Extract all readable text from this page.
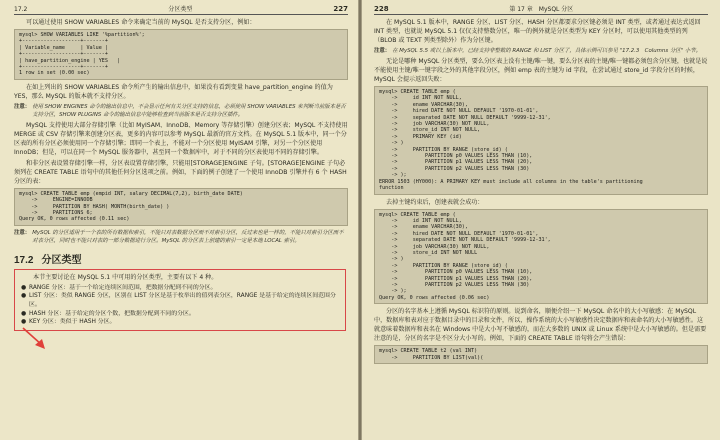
17.2	分区类型	227

可以通过使用 SHOW VARIABLES 命令来确定当前的 MySQL 是否支持分区，例如：

mysql> SHOW VARIABLES LIKE '%partition%';
+-------------------+-------+
| Variable_name     | Value |
+-------------------+-------+
| have_partition_engine | YES   |
+-------------------+-------+
1 row in set (0.00 sec)

在如上列出的 SHOW VARIABLES 命令所产生的输出信息中，如果没有看到变量 have_partition_engine 的值为 YES，那么 MySQL 的版本就不支持分区。

注意： 使用 SHOW ENGINES 命令的输出信息中，不会显示任何有关分区支持的信息，必须使用 SHOW VARIABLES 来判断当前版本是否支持分区，SHOW PLUGINS 命令的输出信息中能够检查到当前版本是否支持分区插件。

MySQL 支持使用大部分存储引擎（比如 MyISAM、InnoDB、Memory 等存储引擎）创建分区表；MySQL 不支持使用 MERGE 或 CSV 存储引擎来创建分区表，更多的内容可以参考 MySQL 最新的官方文档。在 MySQL 5.1 版本中，同一个分区表的所有分区必须使用同一个存储引擎；即同一个表上，不能对一个分区使用 MyISAM 引擎，对另一个分区使用 InnoDB；但是，可以在同一个 MySQL 服务器中，甚至同一个数据库中，对于不同的分区表使用不同的存储引擎。

和非分区表设置存储引擎一样，分区表设置存储引擎，只能用[STORAGE]ENGINE 子句。[STORAGE]ENGINE 子句必须列在 CREATE TABLE 语句中的其他任何分区选项之前。例如，下面的例子创建了一个使用 InnoDB 引擎并有 6 个 HASH 分区的表：

mysql> CREATE TABLE emp (empid INT, salary DECIMAL(7,2), birth_date DATE)
->     ENGINE=INNODB
->     PARTITION BY HASH( MONTH(birth_date) )
->     PARTITIONS 6;
Query OK, 0 rows affected (0.11 sec)
注意： MySQL 的分区适用于一个表的所有数据和索引，不能只对表数据分区而不对索引分区，反过来也是一样的，不能只对索引分区而不对表分区，同时也不能只对表的一部分数据进行分区。MySQL 的分区表上创建的索引一定是本地 LOCAL 索引。
17.2 分区类型

本节主要讨论在 MySQL 5.1 中可用的分区类型，主要有以下 4 种。

● RANGE 分区：基于一个给定连续区间范围，把数据分配到不同的分区。
● LIST 分区：类似 RANGE 分区，区别在 LIST 分区是基于枚举出的值列表分区，RANGE 是基于给定的连续区间范围分区。
● HASH 分区：基于给定的分区个数，把数据分配到不同的分区。
● KEY 分区：类似于 HASH 分区。
228	第 17 章　MySQL 分区

在 MySQL 5.1 版本中，RANGE 分区、LIST 分区、HASH 分区都要求分区键必须是 INT 类型，或者通过表达式返回 INT 类型，也就说 MySQL 5.1 仅仅支持整数分区，唯一的例外就是分区类型为 KEY 分区时，可以使用其他类型的列（BLOB 或 TEXT 列类型除外）作为分区键。

注意： 在 MySQL 5.5 或以上版本中，已经支持非整数的 RANGE 和 LIST 分区了，具体示例可以参见 "17.2.3　Columns 分区" 小节。

无论是哪种 MySQL 分区类型，要么分区表上没有主键/唯一键，要么分区表的主键/唯一键都必须包含分区键，也就是说不能使用主键/唯一键字段之外的其他字段分区，例如 emp 表的主键为 id 字段，在尝试通过 store_id 字段分区的时候，MySQL 会提示返回失败：

mysql> CREATE TABLE emp (
->     id INT NOT NULL,
->     ename VARCHAR(30),
->     hired DATE NOT NULL DEFAULT '1970-01-01',
->     separated DATE NOT NULL DEFAULT '9999-12-31',
->     job VARCHAR(30) NOT NULL,
->     store_id INT NOT NULL,
->     PRIMARY KEY (id)
-> )
->     PARTITION BY RANGE (store_id) (
->         PARTITION p0 VALUES LESS THAN (10),
->         PARTITION p1 VALUES LESS THAN (20),
->         PARTITION p2 VALUES LESS THAN (30)
-> );
ERROR 1503 (HY000): A PRIMARY KEY must include all columns in the table's partitioning
function

去掉主键约束后，创建表就会成功：

mysql> CREATE TABLE emp (
->     id INT NOT NULL,
->     ename VARCHAR(30),
->     hired DATE NOT NULL DEFAULT '1970-01-01',
->     separated DATE NOT NULL DEFAULT '9999-12-31',
->     job VARCHAR(30) NOT NULL,
->     store_id INT NOT NULL
-> )
->     PARTITION BY RANGE (store_id) (
->         PARTITION p0 VALUES LESS THAN (10),
->         PARTITION p1 VALUES LESS THAN (20),
->         PARTITION p2 VALUES LESS THAN (30)
-> );
Query OK, 0 rows affected (0.06 sec)

分区的名字基本上遵循 MySQL 标识符的原则。说到命名，顺便介绍一下 MySQL 命名中的大小写敏感：在 MySQL 中，数据库和表对应于数据目录中的目录和文件，所以，操作系统的大小写敏感性决定数据库和表命名的大小写敏感性。这就意味着数据库和表名在 Windows 中是大小写不敏感的，而在大多数的 UNIX 或 Linux 系统中是大小写敏感的。但是需要注意的是，分区的名字是不区分大小写的。例如，下面的 CREATE TABLE 语句将会产生错误：

mysql> CREATE TABLE t2 (val INT)
->     PARTITION BY LIST(val)(
